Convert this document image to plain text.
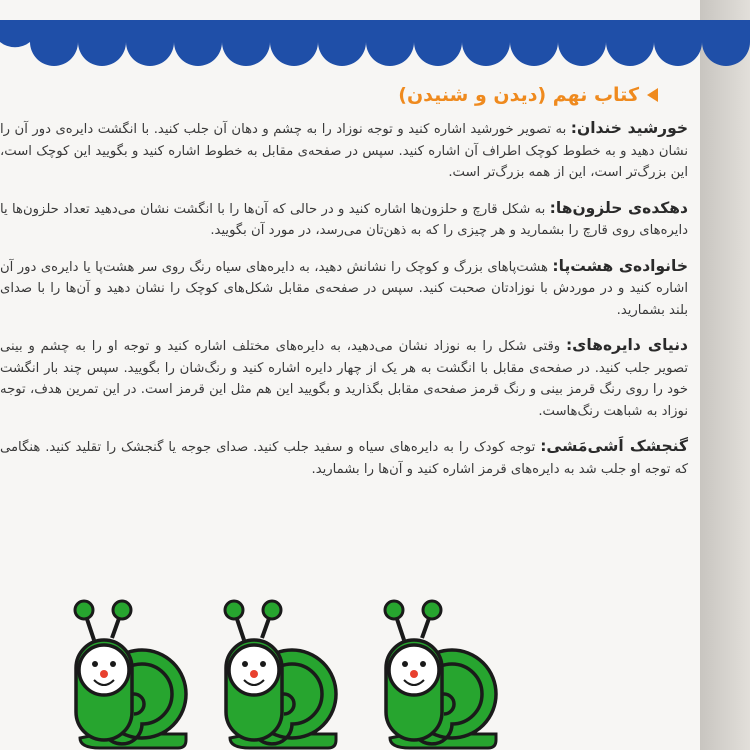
کتاب نهم (دیدن و شنیدن)

خورشید خندان: به تصویر خورشید اشاره کنید و توجه نوزاد را به چشم و دهان آن جلب کنید. با انگشت دایره‌ی دور آن را نشان دهید و به خطوط کوچک اطراف آن اشاره کنید. سپس در صفحه‌ی مقابل به خطوط اشاره کنید و بگویید این کوچک است، این بزرگ‌تر است، این از همه بزرگ‌تر است.

دهکده‌ی حلزون‌ها: به شکل قارچ و حلزون‌ها اشاره کنید و در حالی که آن‌ها را با انگشت نشان می‌دهید تعداد حلزون‌ها یا دایره‌های روی قارچ را بشمارید و هر چیزی را که به ذهن‌تان می‌رسد، در مورد آن بگویید.

خانواده‌ی هشت‌پا: هشت‌پاهای بزرگ و کوچک را نشانش دهید، به دایره‌های سیاه رنگ روی سر هشت‌پا یا دایره‌ی دور آن اشاره کنید و در موردش با نوزادتان صحبت کنید. سپس در صفحه‌ی مقابل شکل‌های کوچک را نشان دهید و آن‌ها را با صدای بلند بشمارید.

دنیای دایره‌های: وقتی شکل را به نوزاد نشان می‌دهید، به دایره‌های مختلف اشاره کنید و توجه او را به چشم و بینی تصویر جلب کنید. در صفحه‌ی مقابل با انگشت به هر یک از چهار دایره اشاره کنید و رنگ‌شان را بگویید. سپس چند بار انگشت خود را روی رنگ قرمز بینی و رنگ قرمز صفحه‌ی مقابل بگذارید و بگویید این هم مثل این قرمز است. در این تمرین هدف، توجه نوزاد به شباهت رنگ‌هاست.

گنجشک اَشی‌مَشی: توجه کودک را به دایره‌های سیاه و سفید جلب کنید. صدای جوجه یا گنجشک را تقلید کنید. هنگامی که توجه او جلب شد به دایره‌های قرمز اشاره کنید و آن‌ها را بشمارید.
